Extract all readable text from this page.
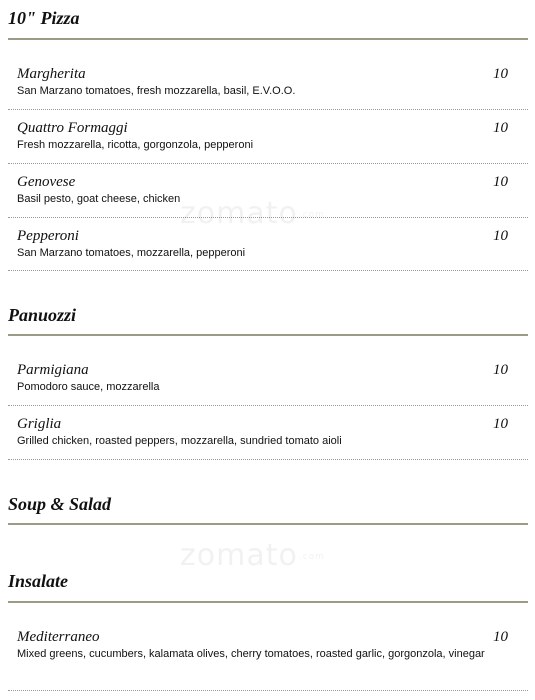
10" Pizza
Margherita	10
San Marzano tomatoes, fresh mozzarella, basil, E.V.O.O.
Quattro Formaggi	10
Fresh mozzarella, ricotta, gorgonzola, pepperoni
Genovese	10
Basil pesto, goat cheese, chicken
Pepperoni	10
San Marzano tomatoes, mozzarella, pepperoni
Panuozzi
Parmigiana	10
Pomodoro sauce, mozzarella
Griglia	10
Grilled chicken, roasted peppers, mozzarella, sundried tomato aioli
Soup & Salad
Insalate
Mediterraneo	10
Mixed greens, cucumbers, kalamata olives, cherry tomatoes, roasted garlic, gorgonzola, vinegar
zomato.com
zomato.com
